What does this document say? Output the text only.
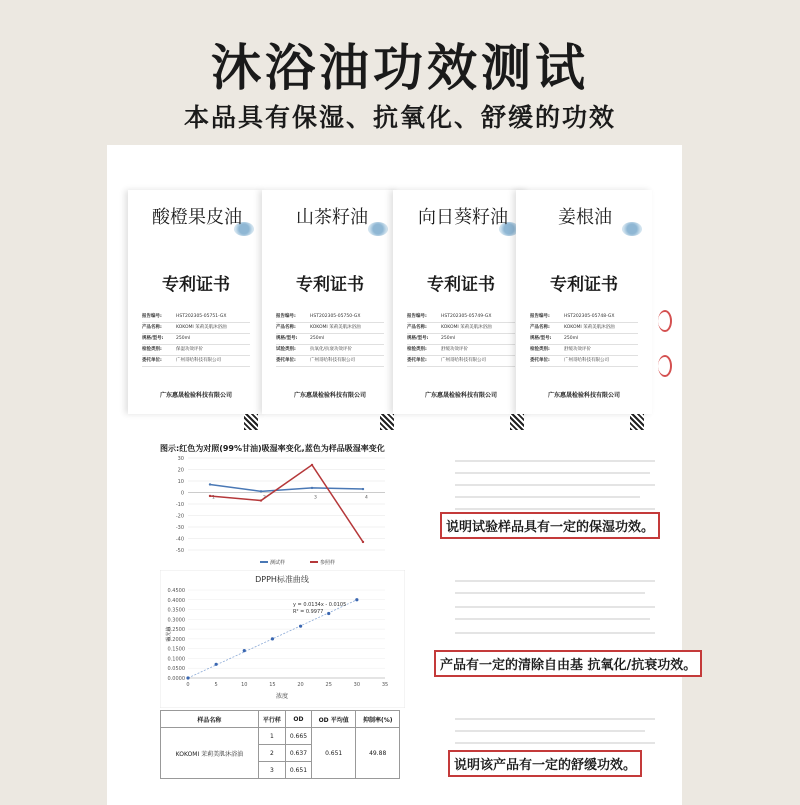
沐浴油功效测试
本品具有保湿、抗氧化、舒缓的功效
专利证书
报告编号:	HST202305-05751-GX
产品名称:	KOKOMI 茉莉美肌沐浴油
规格/型号:	250ml
检验类别:	保湿功效评价
委托单位:	广州哥哈科技有限公司
广东惠晟检验科技有限公司
专利证书
报告编号:	HST202305-05750-GX
产品名称:	KOKOMI 茉莉美肌沐浴油
规格/型号:	250ml
试验类别:	抗氧化/抗衰功效评价
委托单位:	广州哥哈科技有限公司
广东惠晟检验科技有限公司
专利证书
报告编号:	HST202305-05749-GX
产品名称:	KOKOMI 茉莉美肌沐浴油
规格/型号:	250ml
检验类别:	舒缓功效评价
委托单位:	广州哥哈科技有限公司
广东惠晟检验科技有限公司
专利证书
报告编号:	HST202305-05748-GX
产品名称:	KOKOMI 茉莉美肌沐浴油
规格/型号:	250ml
检验类别:	舒缓功效评价
委托单位:	广州哥哈科技有限公司
广东惠晟检验科技有限公司
酸橙果皮油	山茶籽油	向日葵籽油	姜根油
图示:红色为对照(99%甘油)吸湿率变化,蓝色为样品吸湿率变化
30
20
10
0
-10
-20
-30
-40
-50
1	2	3	4
测试样	参照样
DPPH标准曲线
0.0000
0.0500
0.1000
0.1500
0.2000
0.2500
0.3000
0.3500
0.4000
0.4500
0	5	10	15	20	25	30	35
y = 0.0134x - 0.0105
R² = 0.9977
浓度
吸光值
样品名称	平行样	OD	OD 平均值	抑制率(%)
KOKOMI 茉莉美肌沐浴油	1	0.665	0.651	49.88
	2	0.637		
	3	0.651		
说明试验样品具有一定的保湿功效。
产品有一定的清除自由基 抗氧化/抗衰功效。
说明该产品有一定的舒缓功效。
